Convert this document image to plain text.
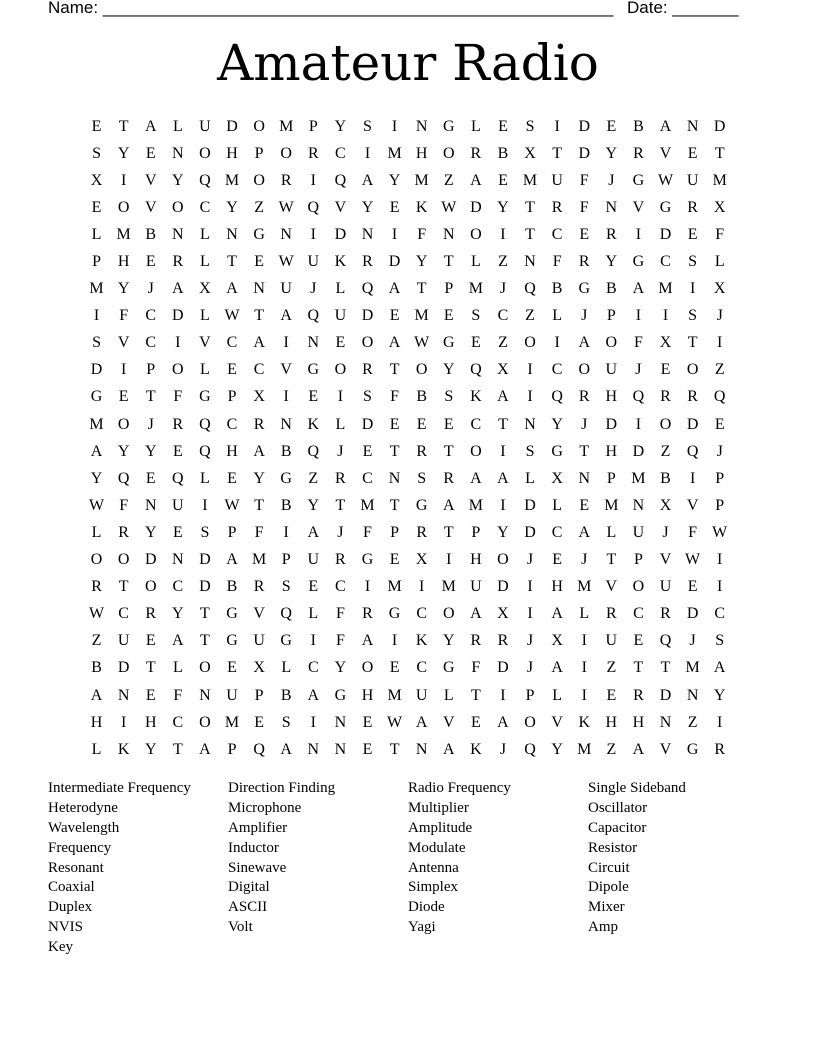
Name: ______________________________________________________ Date: _______
Amateur Radio
E	T	A	L	U D O M P	Y	S	I	N G	L	E	S	I	D	E	B A N D
S	Y	E	N O H	P	O R	C	I	M H O R	B X	T	D Y R V	E	T
X	I	V Y Q M O R	I	Q A Y M Z	A	E M U	F	J	G W U M
E	O V O C Y	Z W Q V Y	E	K W D Y	T	R	F	N V G R X
L M B N	L	N G N	I	D N	I	F	N O	I	T	C	E	R	I	D	E	F
P	H	E	R	L	T	E W U K R D Y	T	L	Z	N	F	R Y G C	S	L
M Y	J	A X A N U	J	L	Q A	T	P M	J	Q B G B A M	I	X
I	F	C D	L W T	A Q U D	E M E	S	C	Z	L	J	P	I	I	S	J
S	V C	I	V C A	I	N	E	O A W G	E	Z	O	I	A O	F	X	T	I
D	I	P	O	L	E	C V G O R	T	O Y Q X	I	C O U	J	E	O	Z
G	E	T	F	G	P	X	I	E	I	S	F	B	S	K A	I	Q R H Q R	R Q
M O	J	R Q C	R N K	L	D	E	E	E	C	T	N Y	J	D	I	O D	E
A Y Y	E	Q H A B Q	J	E	T	R	T	O	I	S	G	T	H D	Z	Q	J
Y Q	E	Q	L	E	Y G	Z	R	C N	S	R A A	L	X N	P M B	I	P
W F	N U	I	W T	B Y	T M T	G A M	I	D	L	E M N X V	P
L	R Y	E	S	P	F	I	A	J	F	P	R	T	P	Y D C A	L	U	J	F W
O O D N D A M P	U R G	E	X	I	H O	J	E	J	T	P	V W	I
R	T	O C D B	R	S	E	C	I	M	I	M U D	I	H M V O U	E	I
W C	R Y	T	G V Q	L	F	R G C O A X	I	A	L	R	C	R D C
Z	U	E	A	T	G U G	I	F	A	I	K Y R	R	J	X	I	U	E	Q	J	S
B D	T	L	O	E	X	L	C Y O	E	C G	F	D	J	A	I	Z	T	T M A
A N	E	F	N U	P	B A G H M U	L	T	I	P	L	I	E	R D N Y
H	I	H C O M E	S	I	N	E W A V	E	A O V K H H N	Z	I
L	K Y	T	A	P	Q A N N	E	T	N A K	J	Q Y M Z	A V G R
Intermediate Frequency	Direction Finding	Radio Frequency	Single Sideband
Heterodyne	Microphone	Multiplier	Oscillator
Wavelength	Amplifier	Amplitude	Capacitor
Frequency	Inductor	Modulate	Resistor
Resonant	Sinewave	Antenna	Circuit
Coaxial	Digital	Simplex	Dipole
Duplex	ASCII	Diode	Mixer
NVIS	Volt	Yagi	Amp
Key
